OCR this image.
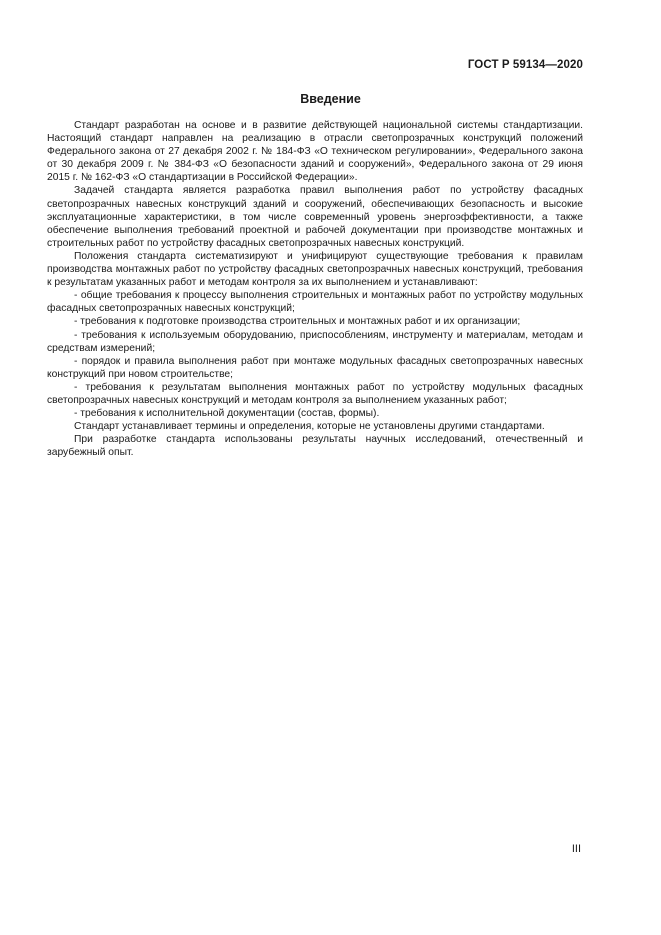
ГОСТ Р 59134—2020
Введение

Стандарт разработан на основе и в развитие действующей национальной системы стандартизации. Настоящий стандарт направлен на реализацию в отрасли светопрозрачных конструкций положений Федерального закона от 27 декабря 2002 г. № 184-ФЗ «О техническом регулировании», Федерального закона от 30 декабря 2009 г. № 384-ФЗ «О безопасности зданий и сооружений», Федерального закона от 29 июня 2015 г. № 162-ФЗ «О стандартизации в Российской Федерации».

Задачей стандарта является разработка правил выполнения работ по устройству фасадных светопрозрачных навесных конструкций зданий и сооружений, обеспечивающих безопасность и высокие эксплуатационные характеристики, в том числе современный уровень энергоэффективности, а также обеспечение выполнения требований проектной и рабочей документации при производстве монтажных и строительных работ по устройству фасадных светопрозрачных навесных конструкций.

Положения стандарта систематизируют и унифицируют существующие требования к правилам производства монтажных работ по устройству фасадных светопрозрачных навесных конструкций, требования к результатам указанных работ и методам контроля за их выполнением и устанавливают:

- общие требования к процессу выполнения строительных и монтажных работ по устройству модульных фасадных светопрозрачных навесных конструкций;

- требования к подготовке производства строительных и монтажных работ и их организации;

- требования к используемым оборудованию, приспособлениям, инструменту и материалам, методам и средствам измерений;

- порядок и правила выполнения работ при монтаже модульных фасадных светопрозрачных навесных конструкций при новом строительстве;

- требования к результатам выполнения монтажных работ по устройству модульных фасадных светопрозрачных навесных конструкций и методам контроля за выполнением указанных работ;

- требования к исполнительной документации (состав, формы).

Стандарт устанавливает термины и определения, которые не установлены другими стандартами.

При разработке стандарта использованы результаты научных исследований, отечественный и зарубежный опыт.

III
